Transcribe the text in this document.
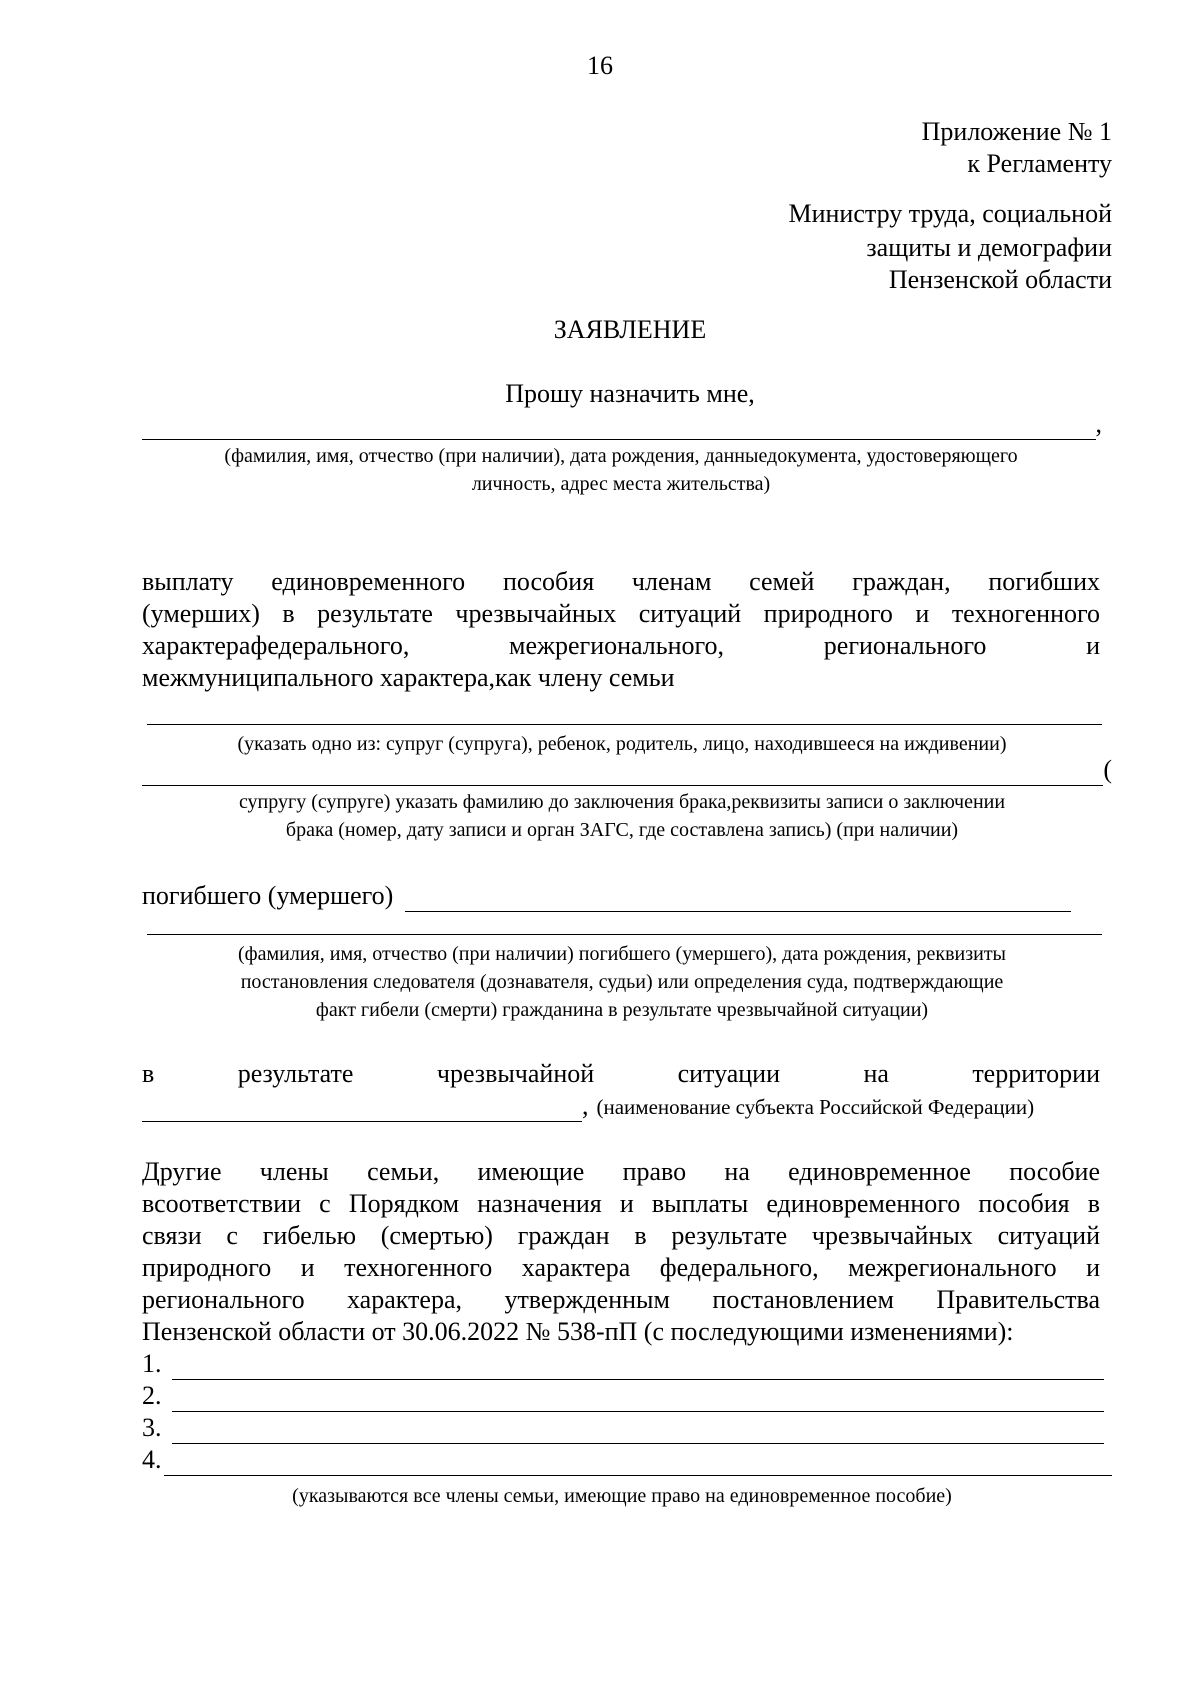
16
Приложение № 1
к Регламенту
Министру труда, социальной
защиты и демографии
Пензенской области
ЗАЯВЛЕНИЕ
Прошу назначить мне,
,
(фамилия, имя, отчество (при наличии), дата рождения, данныедокумента, удостоверяющего
личность, адрес места жительства)
выплату единовременного пособия членам семей граждан, погибших
(умерших) в результате чрезвычайных ситуаций природного и техногенного
характерафедерального, межрегионального, регионального и
межмуниципального характера,как члену семьи
(указать одно из: супруг (супруга), ребенок, родитель, лицо, находившееся на иждивении)
(
супругу (супруге) указать фамилию до заключения брака,реквизиты записи о заключении
брака (номер, дату записи и орган ЗАГС, где составлена запись) (при наличии)
погибшего (умершего)
(фамилия, имя, отчество (при наличии) погибшего (умершего), дата рождения, реквизиты
постановления следователя (дознавателя, судьи) или определения суда, подтверждающие
факт гибели (смерти) гражданина в результате чрезвычайной ситуации)
в результате чрезвычайной ситуации на территории
, (наименование субъекта Российской Федерации)
Другие члены семьи, имеющие право на единовременное пособие
всоответствии с Порядком назначения и выплаты единовременного пособия в
связи с гибелью (смертью) граждан в результате чрезвычайных ситуаций
природного и техногенного характера федерального, межрегионального и
регионального характера, утвержденным постановлением Правительства
Пензенской области от 30.06.2022 № 538-пП (с последующими изменениями):
1.
2.
3.
4.
(указываются все члены семьи, имеющие право на единовременное пособие)
